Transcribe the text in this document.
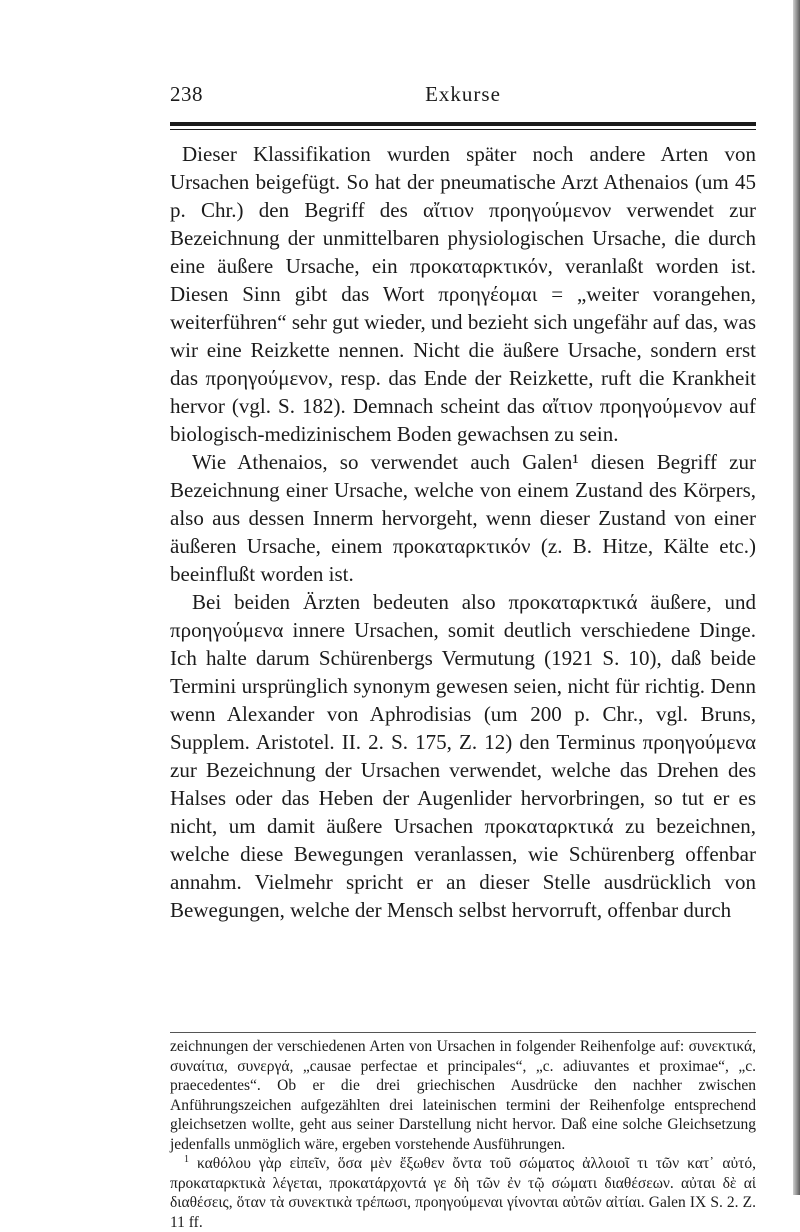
238	Exkurse

Dieser Klassifikation wurden später noch andere Arten von Ursachen beigefügt. So hat der pneumatische Arzt Athenaios (um 45 p. Chr.) den Begriff des αἴτιον προηγούμενον verwendet zur Bezeichnung der unmittelbaren physiologischen Ursache, die durch eine äußere Ursache, ein προκαταρκτικόν, veranlaßt worden ist. Diesen Sinn gibt das Wort προηγέομαι = „weiter vorangehen, weiterführen“ sehr gut wieder, und bezieht sich ungefähr auf das, was wir eine Reizkette nennen. Nicht die äußere Ursache, sondern erst das προηγούμενον, resp. das Ende der Reizkette, ruft die Krankheit hervor (vgl. S. 182). Demnach scheint das αἴτιον προηγούμενον auf biologisch-medizinischem Boden gewachsen zu sein.

Wie Athenaios, so verwendet auch Galen¹ diesen Begriff zur Bezeichnung einer Ursache, welche von einem Zustand des Körpers, also aus dessen Innerm hervorgeht, wenn dieser Zustand von einer äußeren Ursache, einem προκαταρκτικόν (z. B. Hitze, Kälte etc.) beeinflußt worden ist.

Bei beiden Ärzten bedeuten also προκαταρκτικά äußere, und προηγούμενα innere Ursachen, somit deutlich verschiedene Dinge. Ich halte darum Schürenbergs Vermutung (1921 S. 10), daß beide Termini ursprünglich synonym gewesen seien, nicht für richtig. Denn wenn Alexander von Aphrodisias (um 200 p. Chr., vgl. Bruns, Supplem. Aristotel. II. 2. S. 175, Z. 12) den Terminus προηγούμενα zur Bezeichnung der Ursachen verwendet, welche das Drehen des Halses oder das Heben der Augenlider hervorbringen, so tut er es nicht, um damit äußere Ursachen προκαταρκτικά zu bezeichnen, welche diese Bewegungen veranlassen, wie Schürenberg offenbar annahm. Vielmehr spricht er an dieser Stelle ausdrücklich von Bewegungen, welche der Mensch selbst hervorruft, offenbar durch

zeichnungen der verschiedenen Arten von Ursachen in folgender Reihenfolge auf: συνεκτικά, συναίτια, συνεργά, „causae perfectae et principales“, „c. adiuvantes et proximae“, „c. praecedentes“. Ob er die drei griechischen Ausdrücke den nachher zwischen Anführungszeichen aufgezählten drei lateinischen termini der Reihenfolge entsprechend gleichsetzen wollte, geht aus seiner Darstellung nicht hervor. Daß eine solche Gleichsetzung jedenfalls unmöglich wäre, ergeben vorstehende Ausführungen.

$^1$ καθόλου γὰρ εἰπεῖν, ὅσα μὲν ἔξωθεν ὄντα τοῦ σώματος ἀλλοιοῖ τι τῶν κατ᾽ αὐτό, προκαταρκτικὰ λέγεται, προκατάρχοντά γε δὴ τῶν ἐν τῷ σώματι διαθέσεων. αὐται δὲ αἱ διαθέσεις, ὅταν τὰ συνεκτικὰ τρέπωσι, προηγούμεναι γίνονται αὐτῶν αἰτίαι. Galen IX S. 2. Z. 11 ff.
